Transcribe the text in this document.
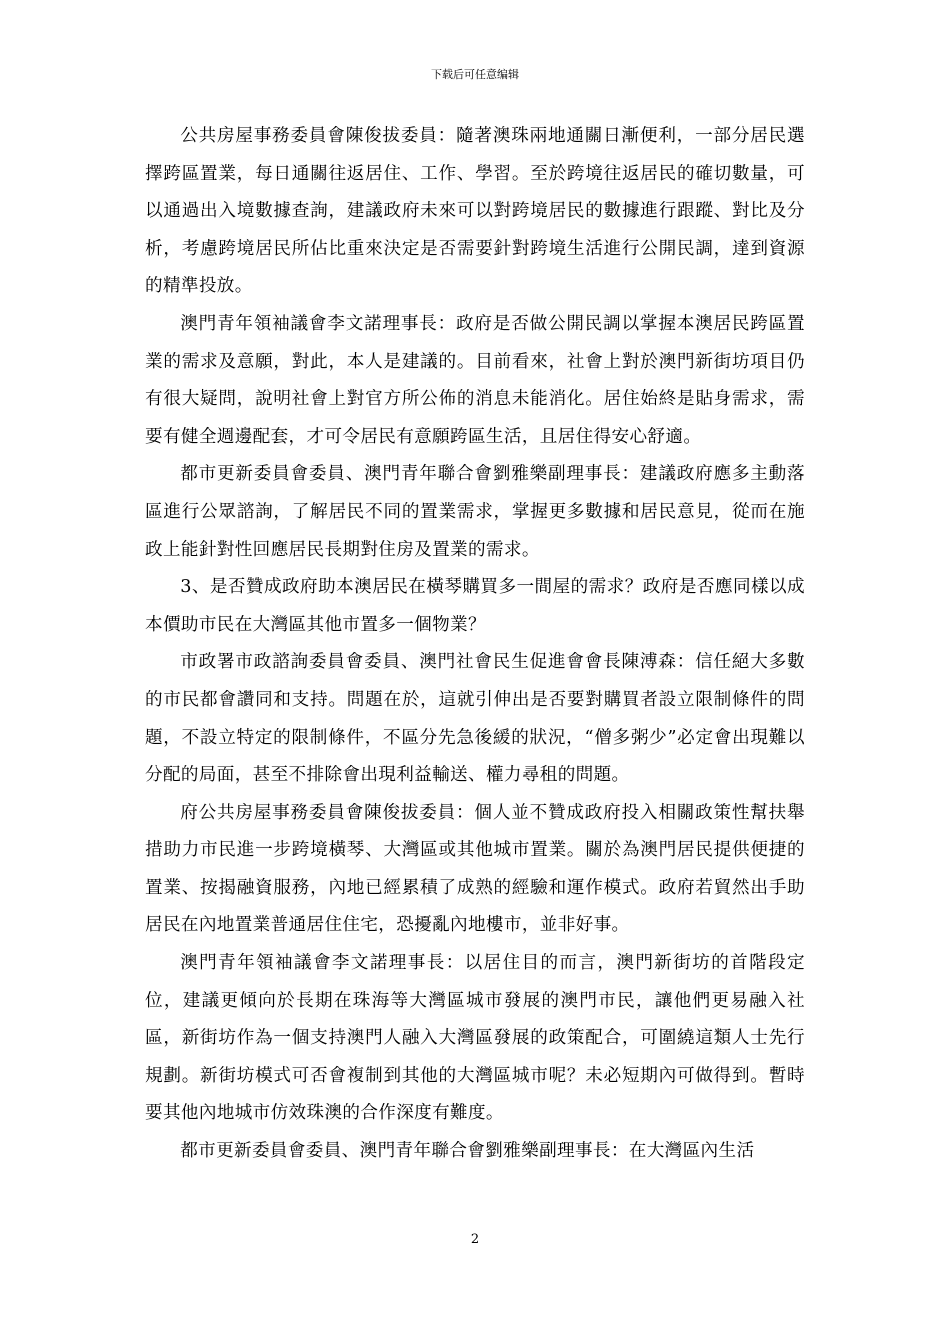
下载后可任意编辑

公共房屋事務委員會陳俊拔委員：隨著澳珠兩地通關日漸便利，一部分居民選擇跨區置業，每日通關往返居住、工作、學習。至於跨境往返居民的確切數量，可以通過出入境數據查詢，建議政府未來可以對跨境居民的數據進行跟蹤、對比及分析，考慮跨境居民所佔比重來決定是否需要針對跨境生活進行公開民調，達到資源的精準投放。

澳門青年領袖議會李文諾理事長：政府是否做公開民調以掌握本澳居民跨區置業的需求及意願，對此，本人是建議的。目前看來，社會上對於澳門新街坊項目仍有很大疑問，說明社會上對官方所公佈的消息未能消化。居住始終是貼身需求，需要有健全週邊配套，才可令居民有意願跨區生活，且居住得安心舒適。

都市更新委員會委員、澳門青年聯合會劉雅樂副理事長：建議政府應多主動落區進行公眾諮詢，了解居民不同的置業需求，掌握更多數據和居民意見，從而在施政上能針對性回應居民長期對住房及置業的需求。

3、是否贊成政府助本澳居民在橫琴購買多一間屋的需求？政府是否應同樣以成本價助市民在大灣區其他市置多一個物業？

市政署市政諮詢委員會委員、澳門社會民生促進會會長陳溥森：信任絕大多數的市民都會讚同和支持。問題在於，這就引伸出是否要對購買者設立限制條件的問題，不設立特定的限制條件，不區分先急後緩的狀況，“僧多粥少”必定會出現難以分配的局面，甚至不排除會出現利益輸送、權力尋租的問題。

府公共房屋事務委員會陳俊拔委員：個人並不贊成政府投入相關政策性幫扶舉措助力市民進一步跨境橫琴、大灣區或其他城市置業。關於為澳門居民提供便捷的置業、按揭融資服務，內地已經累積了成熟的經驗和運作模式。政府若貿然出手助居民在內地置業普通居住住宅，恐擾亂內地樓市，並非好事。

澳門青年領袖議會李文諾理事長：以居住目的而言，澳門新街坊的首階段定位，建議更傾向於長期在珠海等大灣區城市發展的澳門市民，讓他們更易融入社區，新街坊作為一個支持澳門人融入大灣區發展的政策配合，可圍繞這類人士先行規劃。新街坊模式可否會複制到其他的大灣區城市呢？未必短期內可做得到。暫時要其他內地城市仿效珠澳的合作深度有難度。

都市更新委員會委員、澳門青年聯合會劉雅樂副理事長：在大灣區內生活

2
